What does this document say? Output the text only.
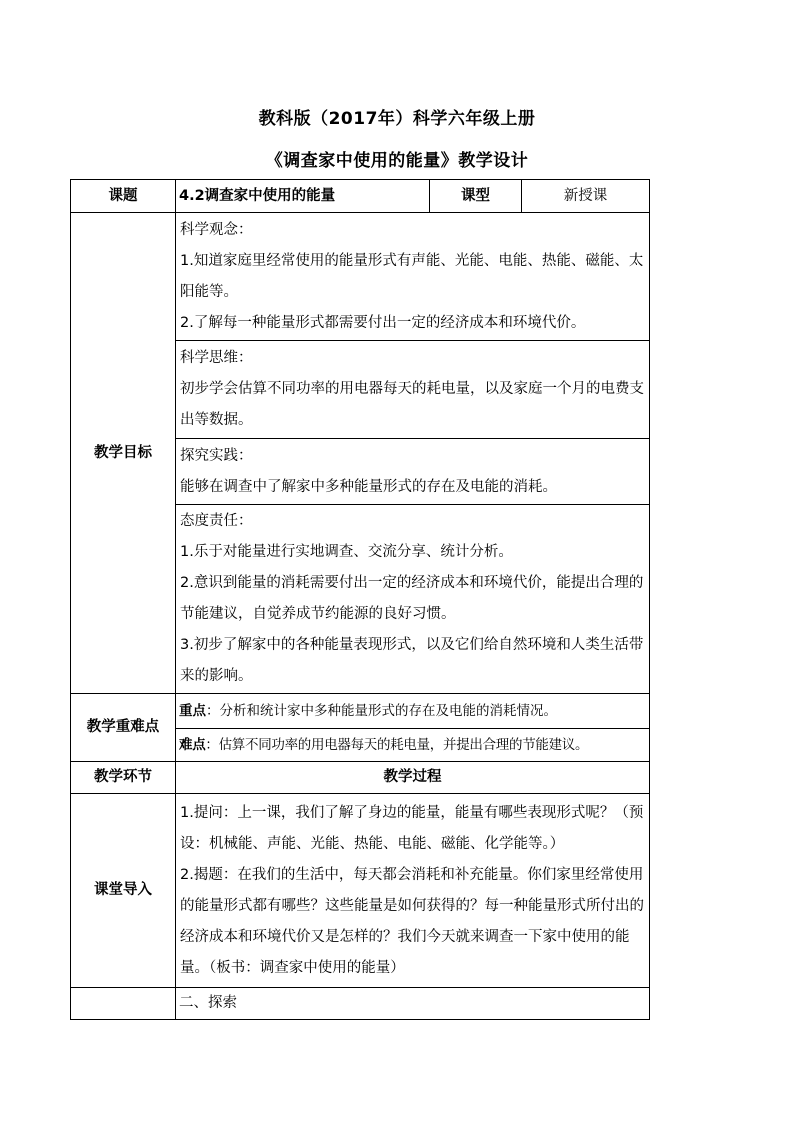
教科版（2017年）科学六年级上册
《调查家中使用的能量》教学设计
课题	4.2调查家中使用的能量	课型	新授课
教学目标	科学观念：
1.知道家庭里经常使用的能量形式有声能、光能、电能、热能、磁能、太阳能等。
2.了解每一种能量形式都需要付出一定的经济成本和环境代价。		

	科学思维：
初步学会估算不同功率的用电器每天的耗电量，以及家庭一个月的电费支出等数据。		

	探究实践：
能够在调查中了解家中多种能量形式的存在及电能的消耗。		

	态度责任：
1.乐于对能量进行实地调查、交流分享、统计分析。
2.意识到能量的消耗需要付出一定的经济成本和环境代价，能提出合理的节能建议，自觉养成节约能源的良好习惯。
3.初步了解家中的各种能量表现形式，以及它们给自然环境和人类生活带来的影响。		

教学重难点	重点：分析和统计家中多种能量形式的存在及电能的消耗情况。		
	难点：估算不同功率的用电器每天的耗电量，并提出合理的节能建议。		
教学环节	教学过程		
课堂导入	1.提问：上一课，我们了解了身边的能量，能量有哪些表现形式呢？（预设：机械能、声能、光能、热能、电能、磁能、化学能等。）
2.揭题：在我们的生活中，每天都会消耗和补充能量。你们家里经常使用的能量形式都有哪些？这些能量是如何获得的？每一种能量形式所付出的经济成本和环境代价又是怎样的？我们今天就来调查一下家中使用的能量。（板书：调查家中使用的能量）		

	二、探索		
